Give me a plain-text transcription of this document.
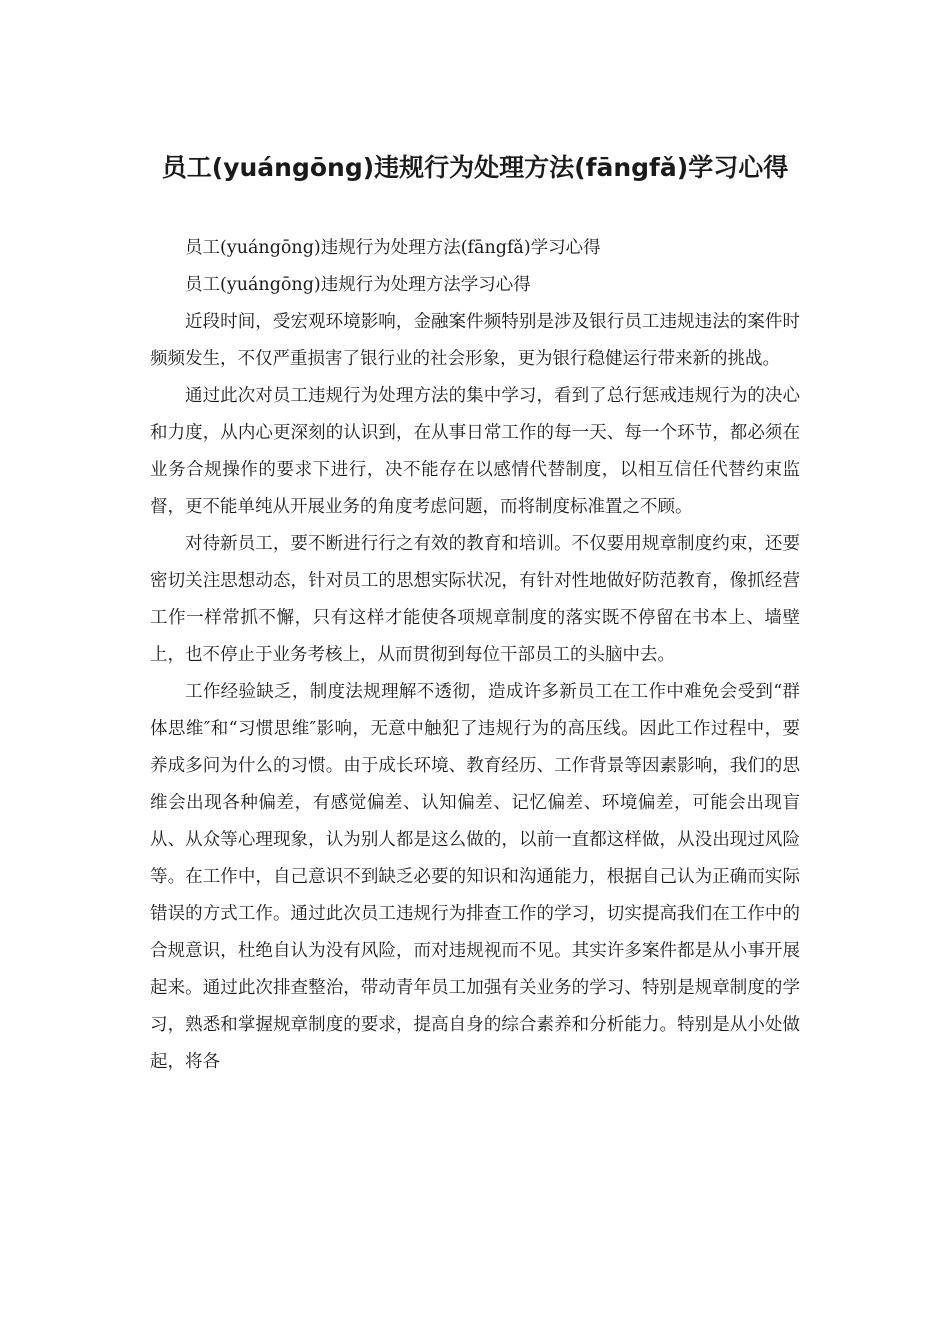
员工(yuángōng)违规行为处理方法(fāngfǎ)学习心得

员工(yuángōng)违规行为处理方法(fāngfǎ)学习心得

员工(yuángōng)违规行为处理方法学习心得

近段时间，受宏观环境影响，金融案件频特别是涉及银行员工违规违法的案件时频频发生，不仅严重损害了银行业的社会形象，更为银行稳健运行带来新的挑战。

通过此次对员工违规行为处理方法的集中学习，看到了总行惩戒违规行为的决心和力度，从内心更深刻的认识到，在从事日常工作的每一天、每一个环节，都必须在业务合规操作的要求下进行，决不能存在以感情代替制度，以相互信任代替约束监督，更不能单纯从开展业务的角度考虑问题，而将制度标准置之不顾。

对待新员工，要不断进行行之有效的教育和培训。不仅要用规章制度约束，还要密切关注思想动态，针对员工的思想实际状况，有针对性地做好防范教育，像抓经营工作一样常抓不懈，只有这样才能使各项规章制度的落实既不停留在书本上、墙壁上，也不停止于业务考核上，从而贯彻到每位干部员工的头脑中去。

工作经验缺乏，制度法规理解不透彻，造成许多新员工在工作中难免会受到“群体思维″和“习惯思维″影响，无意中触犯了违规行为的高压线。因此工作过程中，要养成多问为什么的习惯。由于成长环境、教育经历、工作背景等因素影响，我们的思维会出现各种偏差，有感觉偏差、认知偏差、记忆偏差、环境偏差，可能会出现盲从、从众等心理现象，认为别人都是这么做的，以前一直都这样做，从没出现过风险等。在工作中，自己意识不到缺乏必要的知识和沟通能力，根据自己认为正确而实际错误的方式工作。通过此次员工违规行为排查工作的学习，切实提高我们在工作中的合规意识，杜绝自认为没有风险，而对违规视而不见。其实许多案件都是从小事开展起来。通过此次排查整治，带动青年员工加强有关业务的学习、特别是规章制度的学习，熟悉和掌握规章制度的要求，提高自身的综合素养和分析能力。特别是从小处做起，将各
